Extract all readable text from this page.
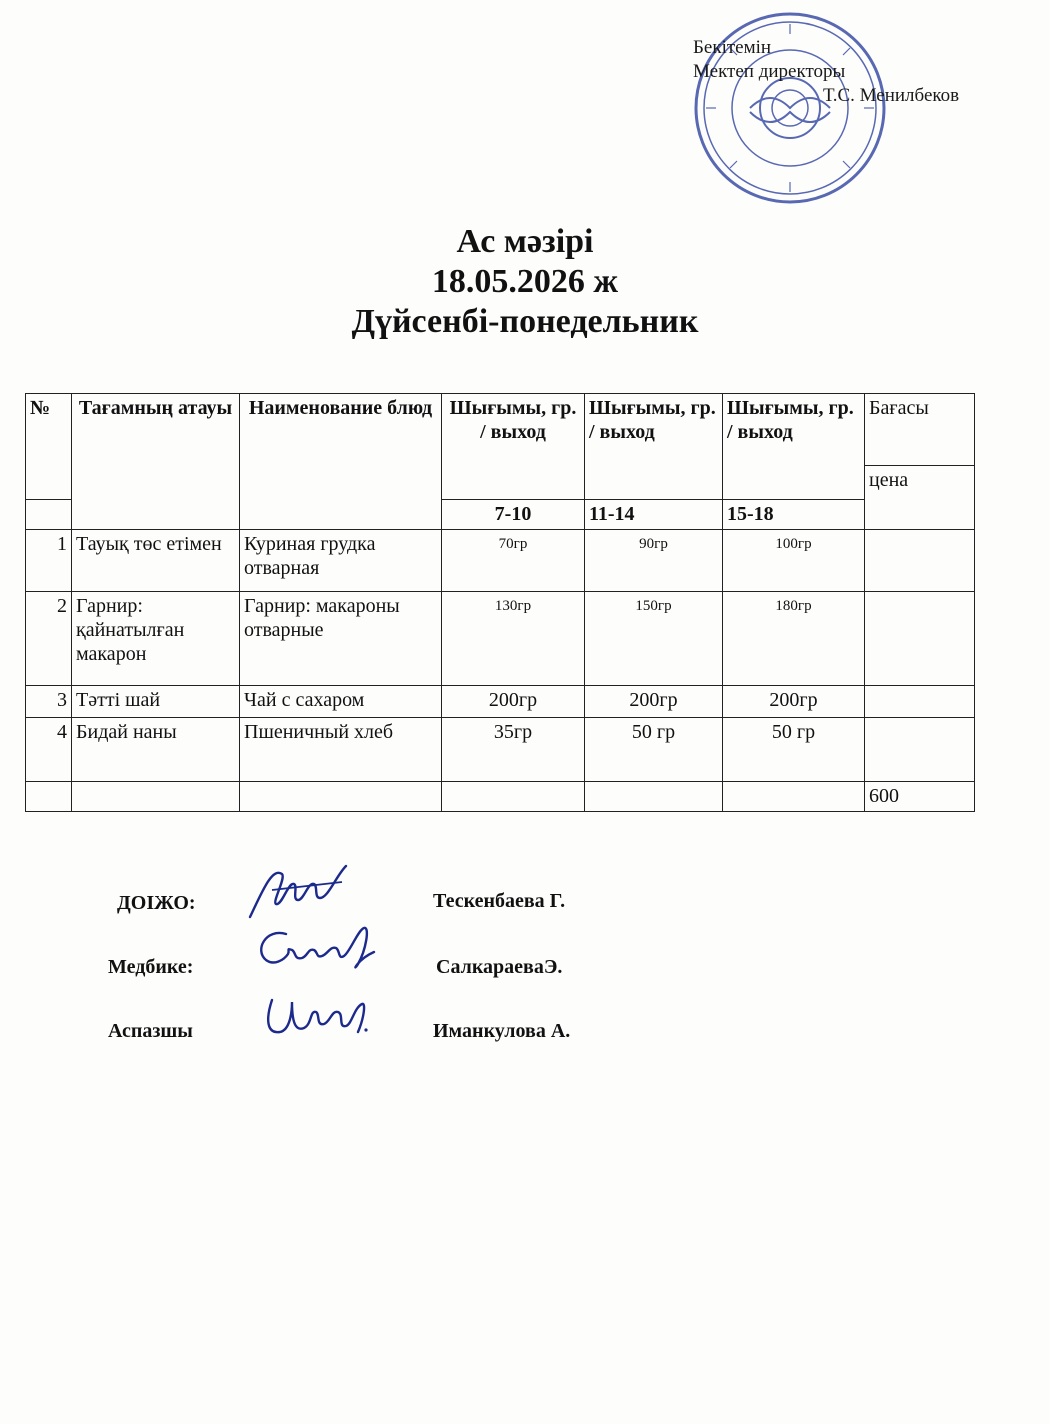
Бекітемін
Мектеп директоры
Т.С. Менилбеков
Ас мәзірі
18.05.2026 ж
Дүйсенбі-понедельник
№	Тағамның атауы	Наименование блюд	Шығымы, гр. / выход	Шығымы, гр. / выход	Шығымы, гр. / выход	Бағасы
						цена
			7-10	11-14	15-18	
1	Тауық төс етімен	Куриная грудка отварная	70гр	90гр	100гр	
2	Гарнир: қайнатылған макарон	Гарнир: макароны отварные	130гр	150гр	180гр	
3	Тәтті шай	Чай с сахаром	200гр	200гр	200гр	
4	Бидай наны	Пшеничный хлеб	35гр	50 гр	50 гр	
						600
ДОІЖО:	Тескенбаева Г.
Медбике:	СалкараеваЭ.
Аспазшы	Иманкулова А.
